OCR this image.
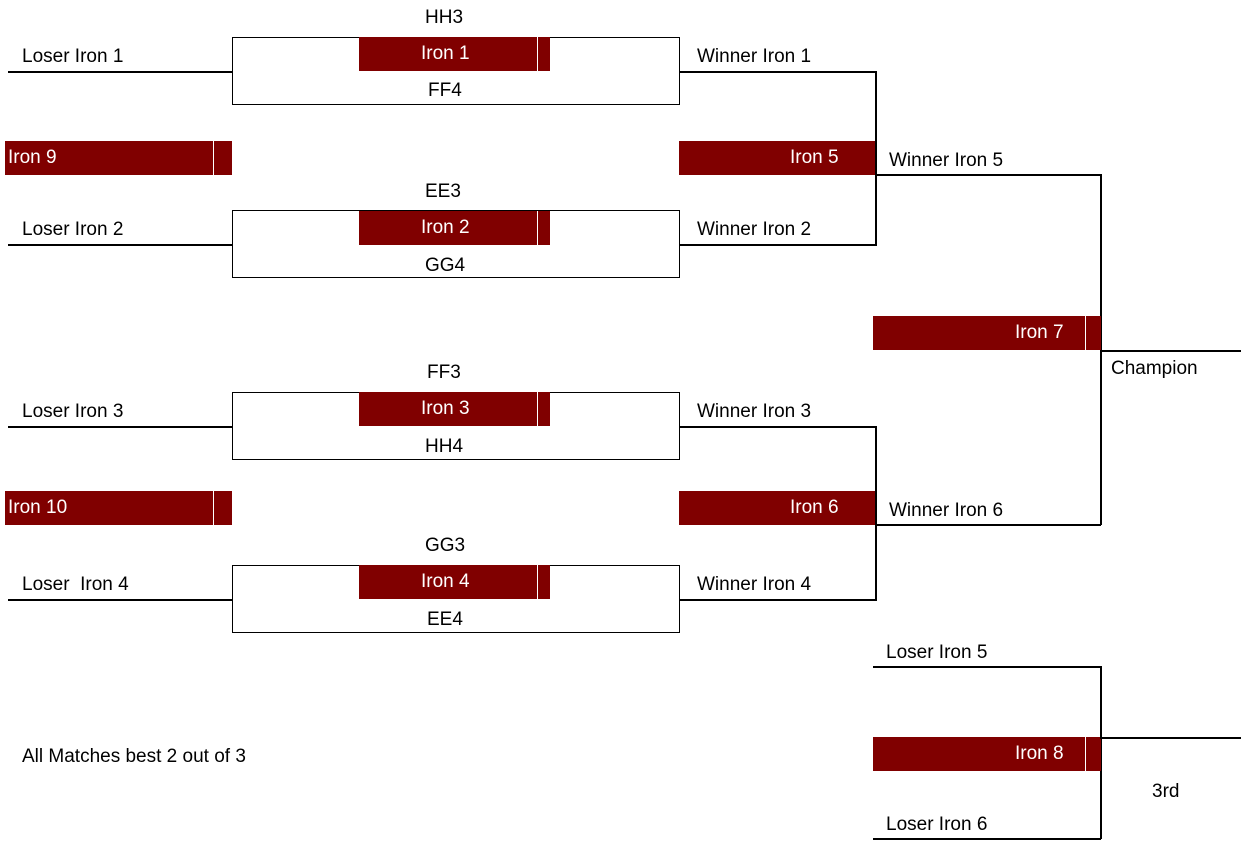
HH3
Iron 1
FF4
Loser Iron 1	Winner Iron 1
EE3
Iron 2
GG4
Loser Iron 2	Winner Iron 2
FF3
Iron 3
HH4
Loser Iron 3	Winner Iron 3
GG3
Iron 4
EE4
Loser  Iron 4	Winner Iron 4
Iron 9
Iron 10
Iron 5	Winner Iron 5
Iron 6	Winner Iron 6
Iron 7
Champion
Loser Iron 5
Iron 8
3rd
Loser Iron 6
All Matches best 2 out of 3
